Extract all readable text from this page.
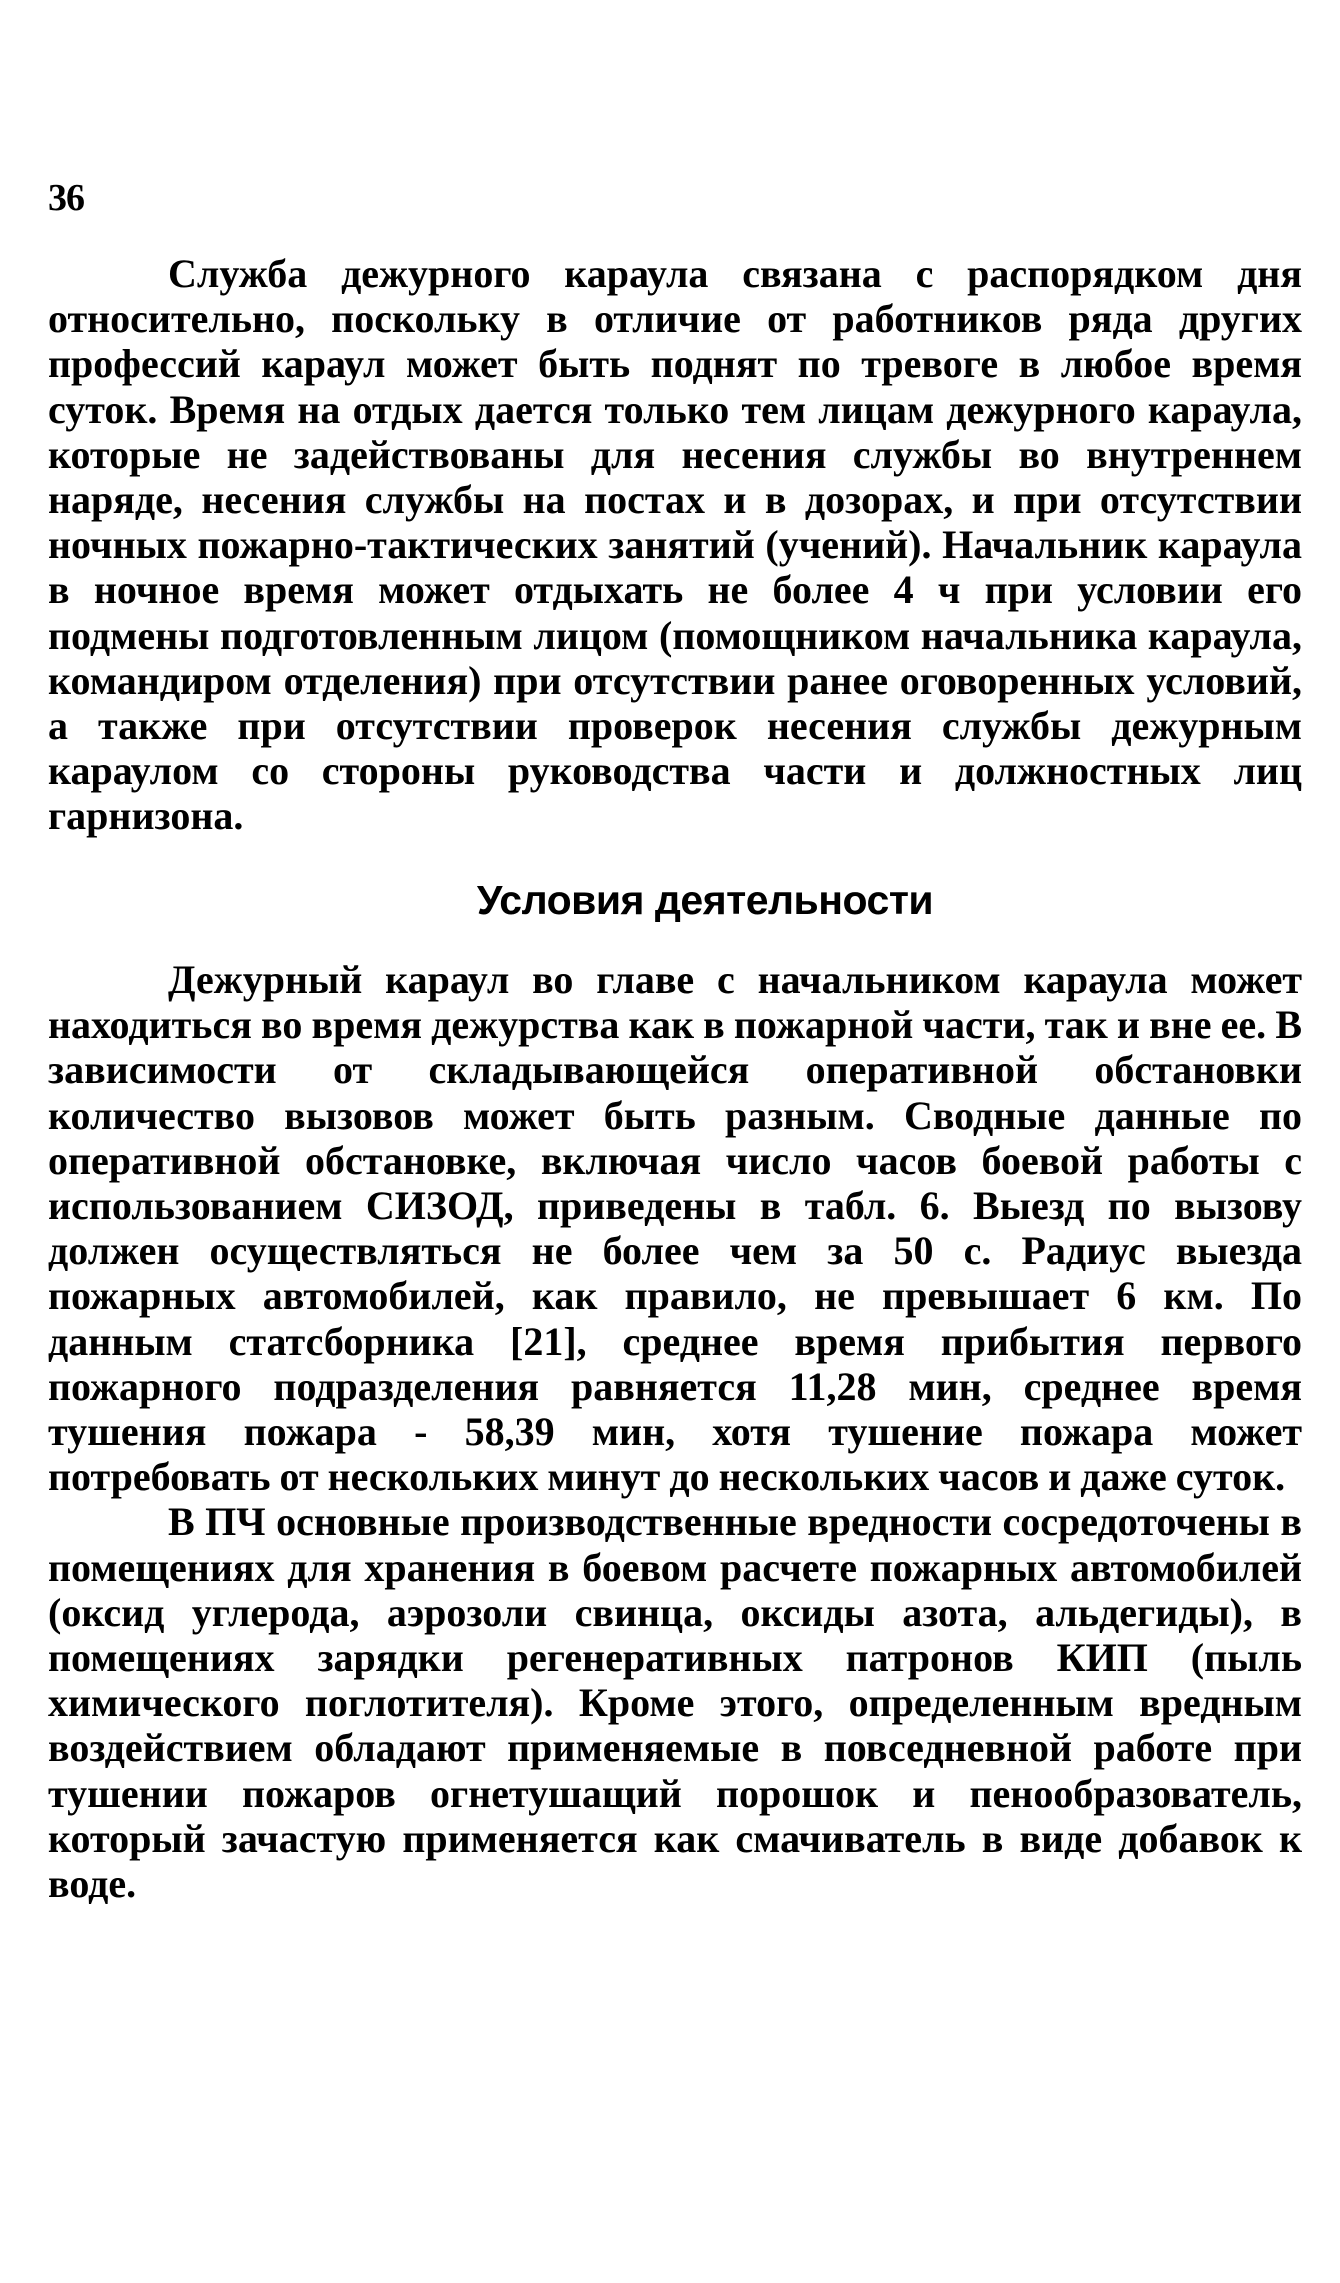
36

Служба дежурного караула связана с распорядком дня относительно, поскольку в отличие от работников ряда других профессий караул может быть поднят по тревоге в любое время суток. Время на отдых дается только тем лицам дежурного караула, которые не задействованы для несения службы во внутреннем наряде, несения службы на постах и в дозорах, и при отсутствии ночных пожарно-тактических занятий (учений). Начальник караула в ночное время может отдыхать не более 4 ч при условии его подмены подготовленным лицом (помощником начальника караула, командиром отделения) при отсутствии ранее оговоренных условий, а также при отсутствии проверок несения службы дежурным караулом со стороны руководства части и должностных лиц гарнизона.

Условия деятельности

Дежурный караул во главе с начальником караула может находиться во время дежурства как в пожарной части, так и вне ее. В зависимости от складывающейся оперативной обстановки количество вызовов может быть разным. Сводные данные по оперативной обстановке, включая число часов боевой работы с использованием СИЗОД, приведены в табл. 6. Выезд по вызову должен осуществляться не более чем за 50 с. Радиус выезда пожарных автомобилей, как правило, не превышает 6 км. По данным статсборника [21], среднее время прибытия первого пожарного подразделения равняется 11,28 мин, среднее время тушения пожара - 58,39 мин, хотя тушение пожара может потребовать от нескольких минут до нескольких часов и даже суток.

В ПЧ основные производственные вредности сосредоточены в помещениях для хранения в боевом расчете пожарных автомобилей (оксид углерода, аэрозоли свинца, оксиды азота, альдегиды), в помещениях зарядки регенеративных патронов КИП (пыль химического поглотителя). Кроме этого, определенным вредным воздействием обладают применяемые в повседневной работе при тушении пожаров огнетушащий порошок и пенообразователь, который зачастую применяется как смачиватель в виде добавок к воде.
